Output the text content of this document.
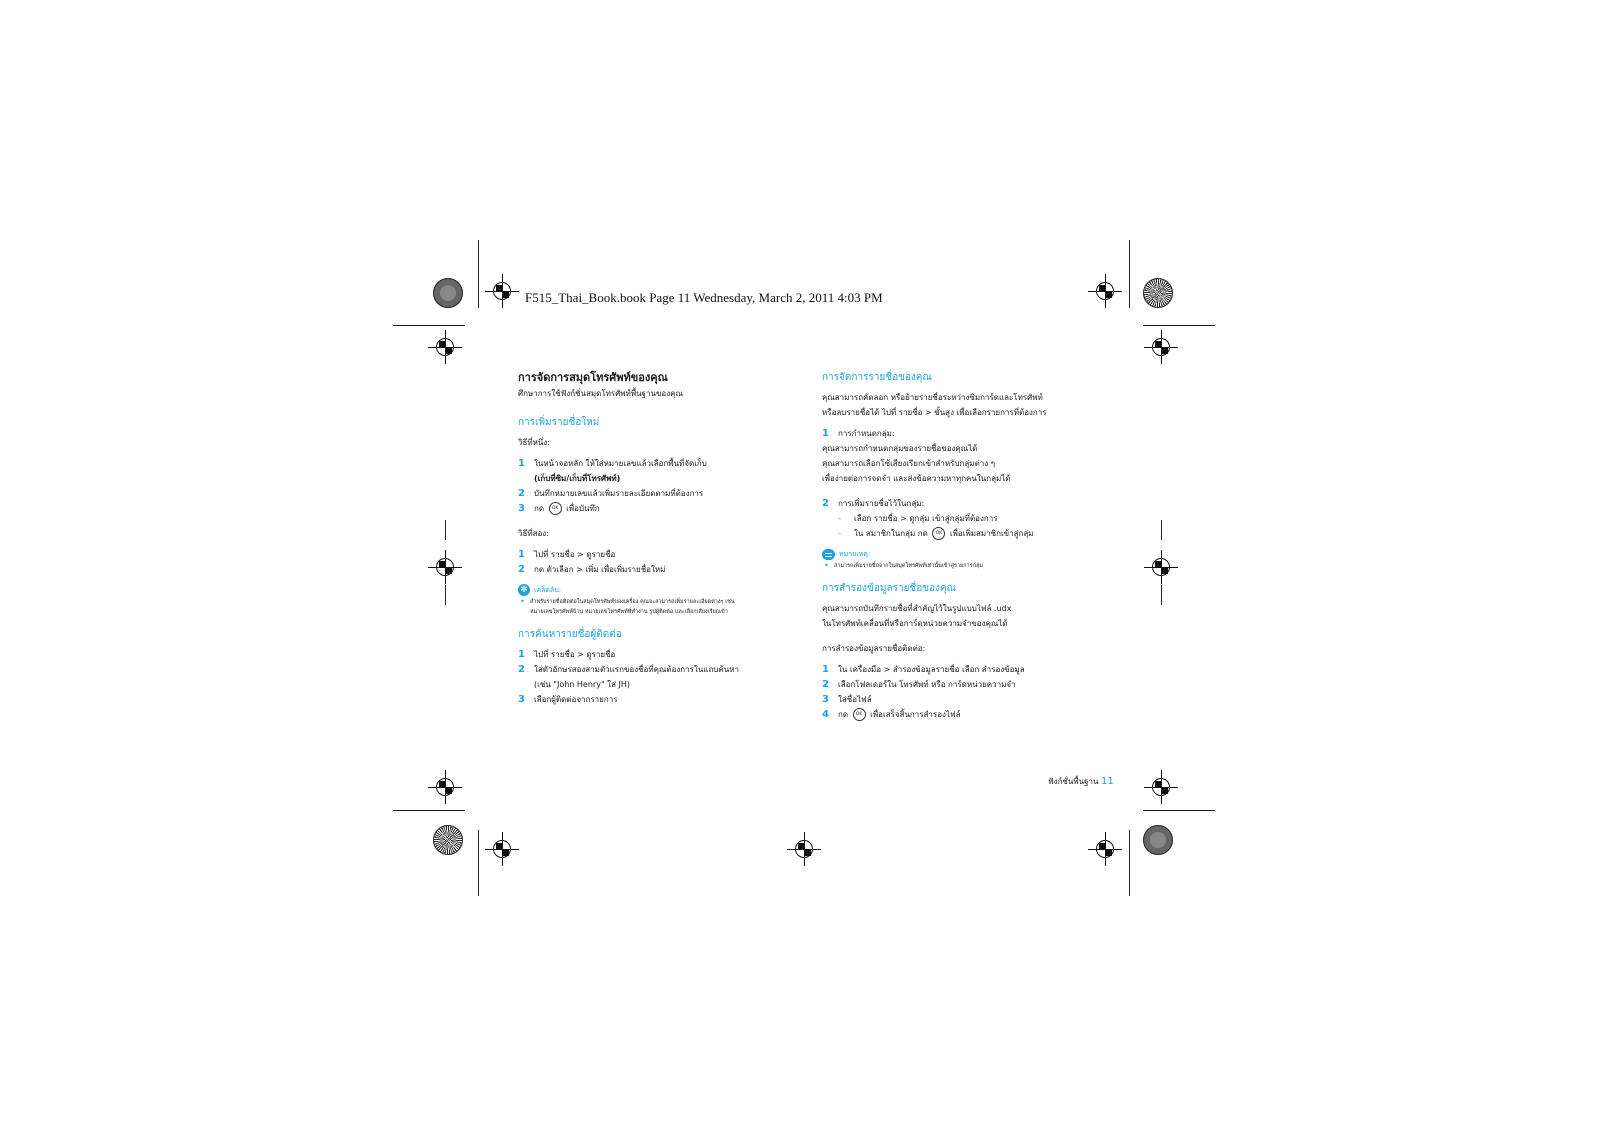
F515_Thai_Book.book Page 11 Wednesday, March 2, 2011 4:03 PM
การจัดการสมุดโทรศัพท์ของคุณ
ศึกษาการใช้ฟังก์ชั่นสมุดโทรศัพท์พื้นฐานของคุณ
การเพิ่มรายชื่อใหม่
วิธีที่หนึ่ง:
1 ในหน้าจอหลัก ให้ใส่หมายเลขแล้วเลือกพื้นที่จัดเก็บ
(เก็บที่ซิม/เก็บที่โทรศัพท์)
2 บันทึกหมายเลขแล้วเพิ่มรายละเอียดตามที่ต้องการ
3 กด OK เพื่อบันทึก
วิธีที่สอง:
1 ไปที่ รายชื่อ > ดูรายชื่อ
2 กด ตัวเลือก > เพิ่ม เพื่อเพิ่มรายชื่อใหม่
✻ เคล็ดลับ:
• สำหรับรายชื่อติดต่อในสมุดโทรศัพท์ของเครื่อง คุณจะสามารถเพิ่มรายละเอียดต่างๆ เช่น
หมายเลขโทรศัพท์บ้าน หมายเลขโทรศัพท์ที่ทำงาน รูปผู้ติดต่อ และเลือกเสียงเรียกเข้า
การค้นหารายชื่อผู้ติดต่อ
1 ไปที่ รายชื่อ > ดูรายชื่อ
2 ใส่ตัวอักษรสองสามตัวแรกของชื่อที่คุณต้องการในแถบค้นหา
(เช่น "John Henry" ใส่ JH)
3 เลือกผู้ติดต่อจากรายการ
การจัดการรายชื่อของคุณ
คุณสามารถคัดลอก หรือย้ายรายชื่อระหว่างซิมการ์ดและโทรศัพท์
หรือลบรายชื่อได้ ไปที่ รายชื่อ > ขั้นสูง เพื่อเลือกรายการที่ต้องการ
1 การกำหนดกลุ่ม:
คุณสามารถกำหนดกลุ่มของรายชื่อของคุณได้
คุณสามารถเลือกโซ้เสียงเรียกเข้าสำหรับกลุ่มต่าง ๆ
เพื่อง่ายต่อการจดจำ และส่งข้อความหาทุกคนในกลุ่มได้
2 การเพิ่มรายชื่อไว้ในกลุ่ม:
- เลือก รายชื่อ > ดูกลุ่ม เข้าสู่กลุ่มที่ต้องการ
- ใน สมาชิกในกลุ่ม กด OK เพื่อเพิ่มสมาชิกเข้าสู่กลุ่ม
หมายเหตุ:
• สามารถเพิ่มรายชื่อจากในสมุดโทรศัพท์เท่านั้นเข้าสู่รายการกลุ่ม
การสำรองข้อมูลรายชื่อของคุณ
คุณสามารถบันทึกรายชื่อที่สำคัญไว้ในรูปแบบไฟล์ .udx
ในโทรศัพท์เคลื่อนที่หรือการ์ดหน่วยความจำของคุณได้
การสำรองข้อมูลรายชื่อติดต่อ:
1 ใน เครื่องมือ > สำรองข้อมูลรายชื่อ เลือก สำรองข้อมูล
2 เลือกโฟลเดอร์ใน โทรศัพท์ หรือ การ์ดหน่วยความจำ
3 ใส่ชื่อไฟล์
4 กด OK เพื่อเสร็จสิ้นการสำรองไฟล์
ฟังก์ชั่นพื้นฐาน 11
